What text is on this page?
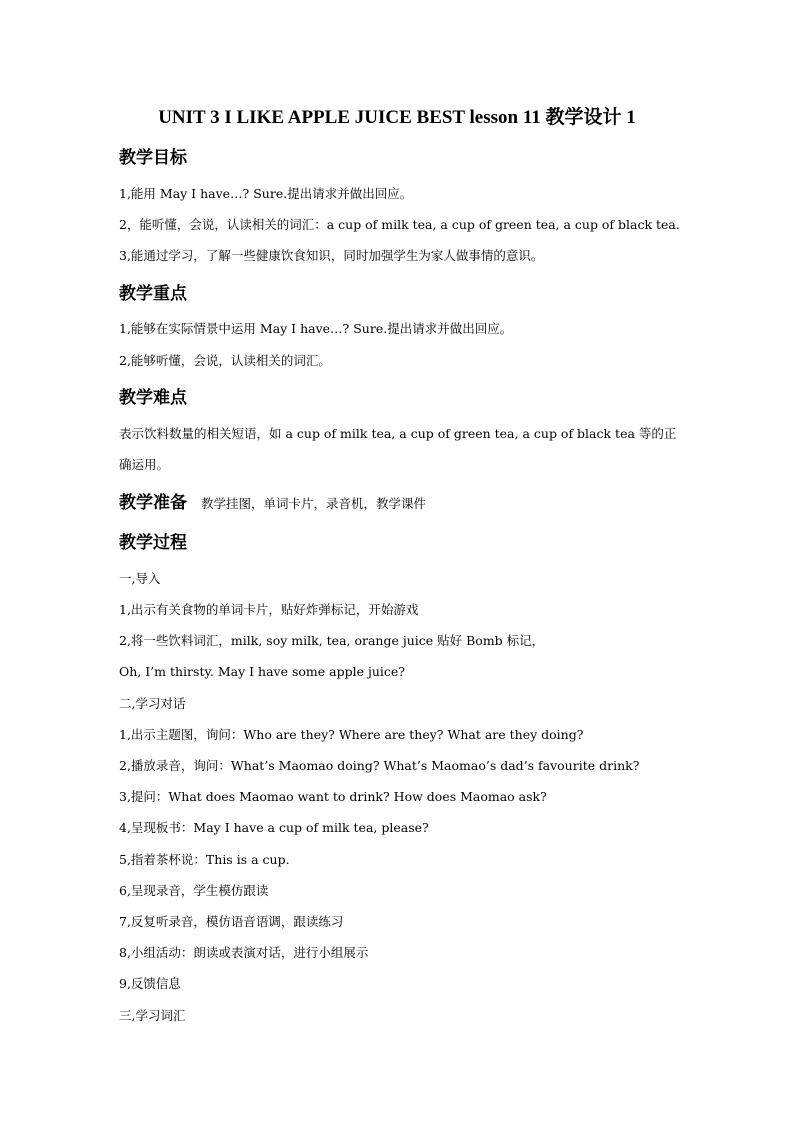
UNIT 3 I LIKE APPLE JUICE BEST lesson 11 教学设计 1
教学目标
1,能用 May I have…? Sure.提出请求并做出回应。
2，能听懂，会说，认读相关的词汇：a cup of milk tea, a cup of green tea, a cup of black tea.
3,能通过学习，了解一些健康饮食知识，同时加强学生为家人做事情的意识。
教学重点
1,能够在实际情景中运用 May I have…? Sure.提出请求并做出回应。
2,能够听懂，会说，认读相关的词汇。
教学难点
表示饮料数量的相关短语，如 a cup of milk tea, a cup of green tea, a cup of black tea 等的正
确运用。
教学准备 教学挂图，单词卡片，录音机，教学课件
教学过程
一,导入
1,出示有关食物的单词卡片，贴好炸弹标记，开始游戏
2,将一些饮料词汇，milk, soy milk, tea, orange juice 贴好 Bomb 标记，
Oh, I’m thirsty. May I have some apple juice?
二,学习对话
1,出示主题图，询问：Who are they? Where are they? What are they doing?
2,播放录音，询问：What’s Maomao doing? What’s Maomao’s dad’s favourite drink?
3,提问：What does Maomao want to drink? How does Maomao ask?
4,呈现板书：May I have a cup of milk tea, please?
5,指着茶杯说：This is a cup.
6,呈现录音，学生模仿跟读
7,反复听录音，模仿语音语调，跟读练习
8,小组活动：朗读或表演对话，进行小组展示
9,反馈信息
三,学习词汇
